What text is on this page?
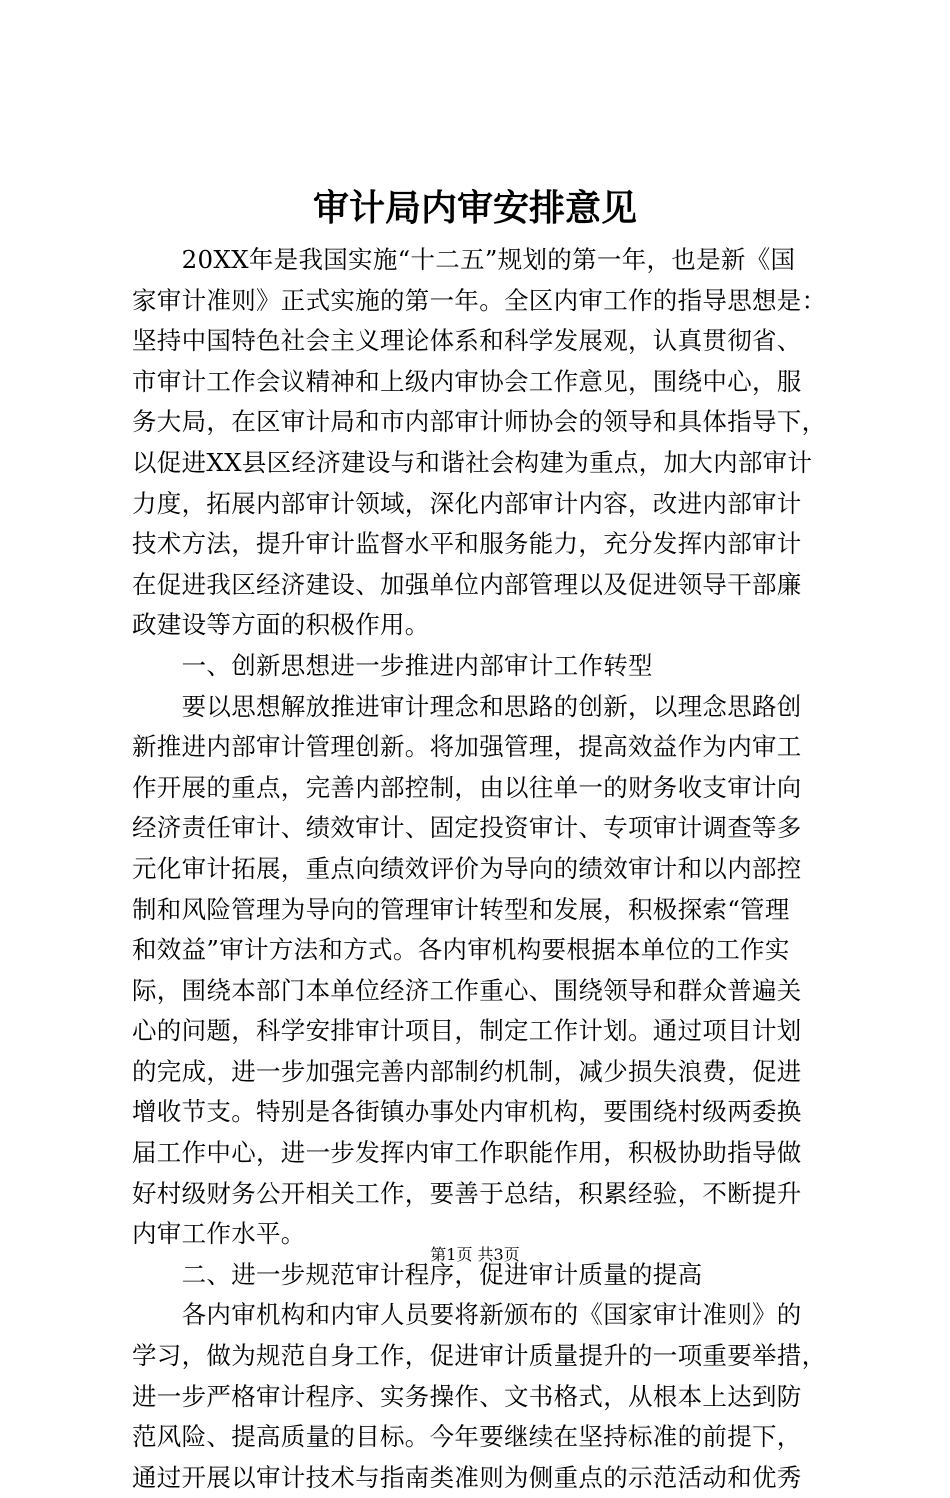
审计局内审安排意见
　　20XX年是我国实施“十二五”规划的第一年，也是新《国
家审计准则》正式实施的第一年。全区内审工作的指导思想是：
坚持中国特色社会主义理论体系和科学发展观，认真贯彻省、
市审计工作会议精神和上级内审协会工作意见，围绕中心，服
务大局，在区审计局和市内部审计师协会的领导和具体指导下，
以促进XX县区经济建设与和谐社会构建为重点，加大内部审计
力度，拓展内部审计领域，深化内部审计内容，改进内部审计
技术方法，提升审计监督水平和服务能力，充分发挥内部审计
在促进我区经济建设、加强单位内部管理以及促进领导干部廉
政建设等方面的积极作用。
　　一、创新思想进一步推进内部审计工作转型
　　要以思想解放推进审计理念和思路的创新，以理念思路创
新推进内部审计管理创新。将加强管理，提高效益作为内审工
作开展的重点，完善内部控制，由以往单一的财务收支审计向
经济责任审计、绩效审计、固定投资审计、专项审计调查等多
元化审计拓展，重点向绩效评价为导向的绩效审计和以内部控
制和风险管理为导向的管理审计转型和发展，积极探索“管理
和效益”审计方法和方式。各内审机构要根据本单位的工作实
际，围绕本部门本单位经济工作重心、围绕领导和群众普遍关
心的问题，科学安排审计项目，制定工作计划。通过项目计划
的完成，进一步加强完善内部制约机制，减少损失浪费，促进
增收节支。特别是各街镇办事处内审机构，要围绕村级两委换
届工作中心，进一步发挥内审工作职能作用，积极协助指导做
好村级财务公开相关工作，要善于总结，积累经验，不断提升
内审工作水平。
　　二、进一步规范审计程序，促进审计质量的提高
　　各内审机构和内审人员要将新颁布的《国家审计准则》的
学习，做为规范自身工作，促进审计质量提升的一项重要举措，
进一步严格审计程序、实务操作、文书格式，从根本上达到防
范风险、提高质量的目标。今年要继续在坚持标准的前提下，
通过开展以审计技术与指南类准则为侧重点的示范活动和优秀
第1页 共3页
